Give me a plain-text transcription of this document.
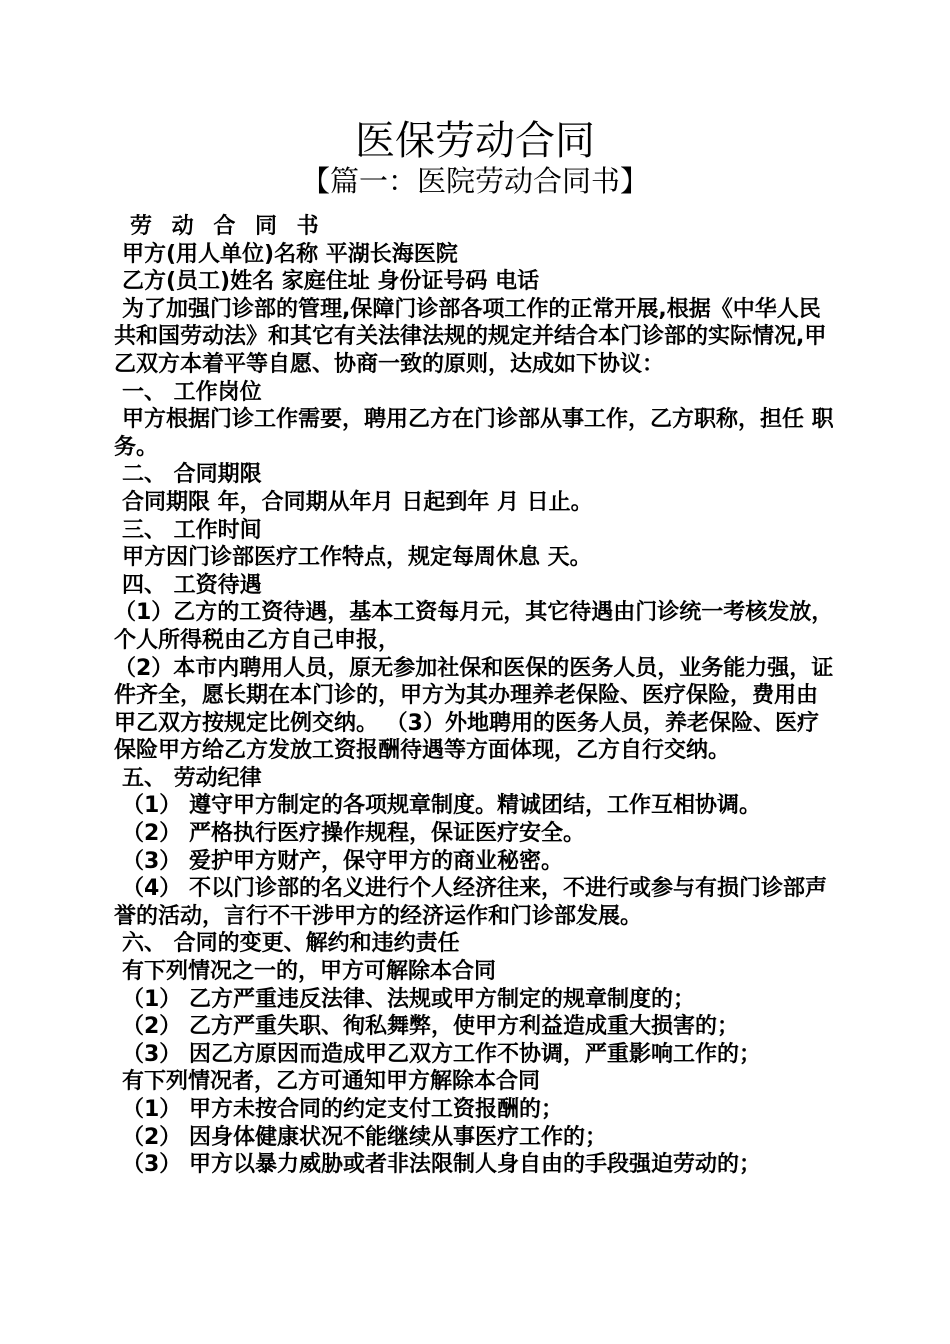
医保劳动合同
【篇一：医院劳动合同书】
劳 动 合 同 书
甲方(用人单位)名称 平湖长海医院
乙方(员工)姓名 家庭住址 身份证号码 电话
为了加强门诊部的管理,保障门诊部各项工作的正常开展,根据《中华人民共和国劳动法》和其它有关法律法规的规定并结合本门诊部的实际情况,甲乙双方本着平等自愿、协商一致的原则，达成如下协议：
一、 工作岗位
甲方根据门诊工作需要，聘用乙方在门诊部从事工作，乙方职称，担任 职务。
二、 合同期限
合同期限 年，合同期从年月 日起到年 月 日止。
三、 工作时间
甲方因门诊部医疗工作特点，规定每周休息 天。
四、 工资待遇
（1）乙方的工资待遇，基本工资每月元，其它待遇由门诊统一考核发放，个人所得税由乙方自己申报，
（2）本市内聘用人员，原无参加社保和医保的医务人员，业务能力强，证件齐全，愿长期在本门诊的，甲方为其办理养老保险、医疗保险，费用由甲乙双方按规定比例交纳。 （3）外地聘用的医务人员，养老保险、医疗保险甲方给乙方发放工资报酬待遇等方面体现，乙方自行交纳。
五、 劳动纪律
（1） 遵守甲方制定的各项规章制度。精诚团结，工作互相协调。
（2） 严格执行医疗操作规程，保证医疗安全。
（3） 爱护甲方财产，保守甲方的商业秘密。
（4） 不以门诊部的名义进行个人经济往来，不进行或参与有损门诊部声誉的活动，言行不干涉甲方的经济运作和门诊部发展。
六、 合同的变更、解约和违约责任
有下列情况之一的，甲方可解除本合同
（1） 乙方严重违反法律、法规或甲方制定的规章制度的；
（2） 乙方严重失职、徇私舞弊，使甲方利益造成重大损害的；
（3） 因乙方原因而造成甲乙双方工作不协调，严重影响工作的；
有下列情况者，乙方可通知甲方解除本合同
（1） 甲方未按合同的约定支付工资报酬的；
（2） 因身体健康状况不能继续从事医疗工作的；
（3） 甲方以暴力威胁或者非法限制人身自由的手段强迫劳动的；
